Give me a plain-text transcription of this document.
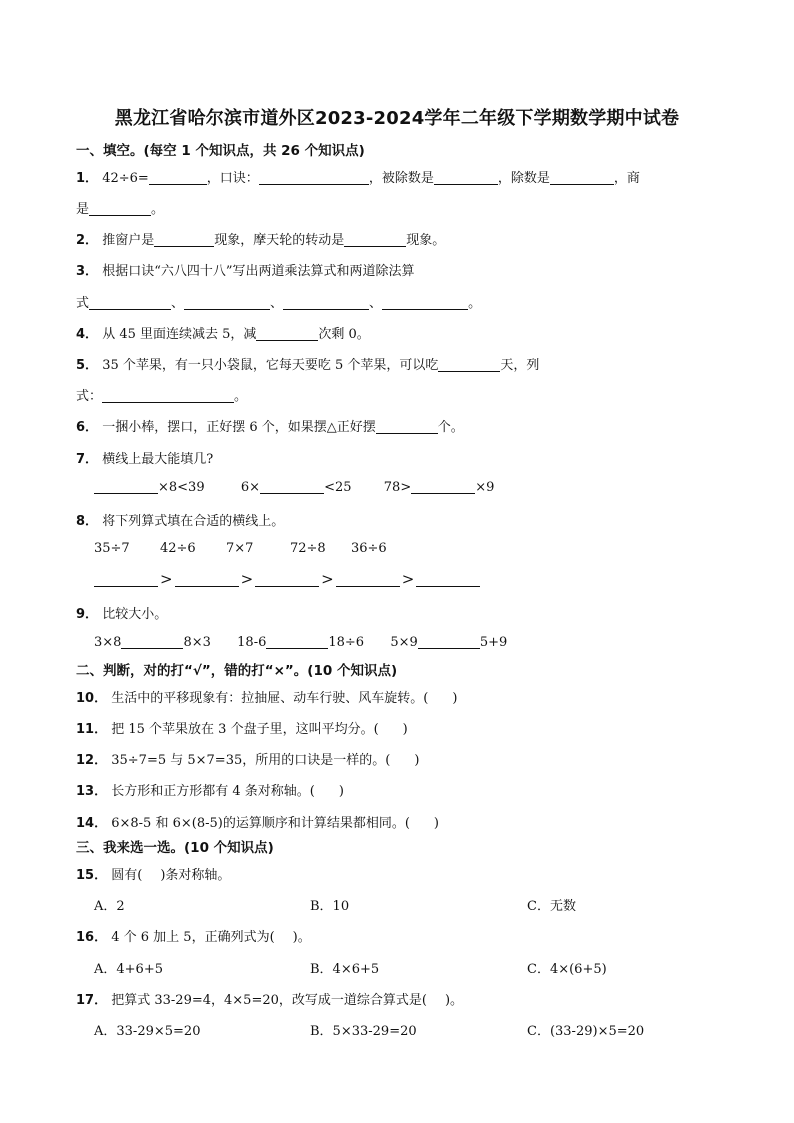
黑龙江省哈尔滨市道外区2023-2024学年二年级下学期数学期中试卷
一、填空。(每空 1 个知识点，共 26 个知识点)
1． 42÷6=	，口诀：	，被除数是	，除数是	，商
是	。
2． 推窗户是	现象，摩天轮的转动是	现象。
3． 根据口诀“六八四十八”写出两道乘法算式和两道除法算
式	、	、	、	。
4． 从 45 里面连续减去 5，减	次剩 0。
5． 35 个苹果，有一只小袋鼠，它每天要吃 5 个苹果，可以吃	天，列
式：	。
6． 一捆小棒，摆口，正好摆 6 个，如果摆△正好摆	个。
7． 横线上最大能填几?
×8<39	6×	<25 78>	×9
8． 将下列算式填在合适的横线上。
35÷7 42÷6 7×7	72÷8 36÷6
>	>	>	>
9． 比较大小。
3×8	8×3 18-6	18÷6 5×9	5+9
二、判断，对的打“√”，错的打“×”。(10 个知识点)
10． 生活中的平移现象有：拉抽屉、动车行驶、风车旋转。( )
11． 把 15 个苹果放在 3 个盘子里，这叫平均分。( )
12． 35÷7=5 与 5×7=35，所用的口诀是一样的。( )
13． 长方形和正方形都有 4 条对称轴。( )
14． 6×8-5 和 6×(8-5)的运算顺序和计算结果都相同。( )
三、我来选一选。(10 个知识点)
15． 圆有( )条对称轴。
A．2	B．10	C．无数
16． 4 个 6 加上 5，正确列式为( )。
A．4+6+5	B．4×6+5	C．4×(6+5)
17． 把算式 33-29=4，4×5=20，改写成一道综合算式是( )。
A．33-29×5=20	B．5×33-29=20	C．(33-29)×5=20
